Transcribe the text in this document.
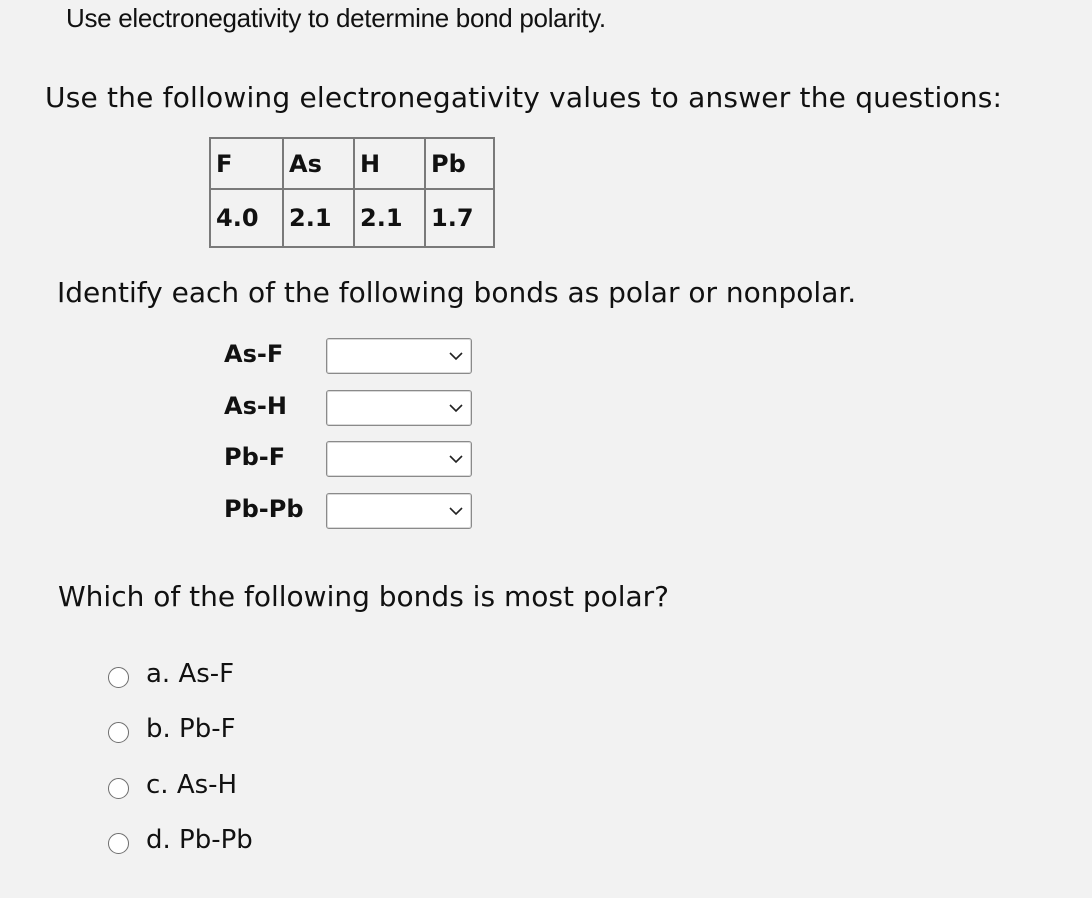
Use electronegativity to determine bond polarity.
Use the following electronegativity values to answer the questions:
F	As	H	Pb
4.0	2.1	2.1	1.7
Identify each of the following bonds as polar or nonpolar.
As-F
As-H
Pb-F
Pb-Pb
Which of the following bonds is most polar?
a. As-F
b. Pb-F
c. As-H
d. Pb-Pb
